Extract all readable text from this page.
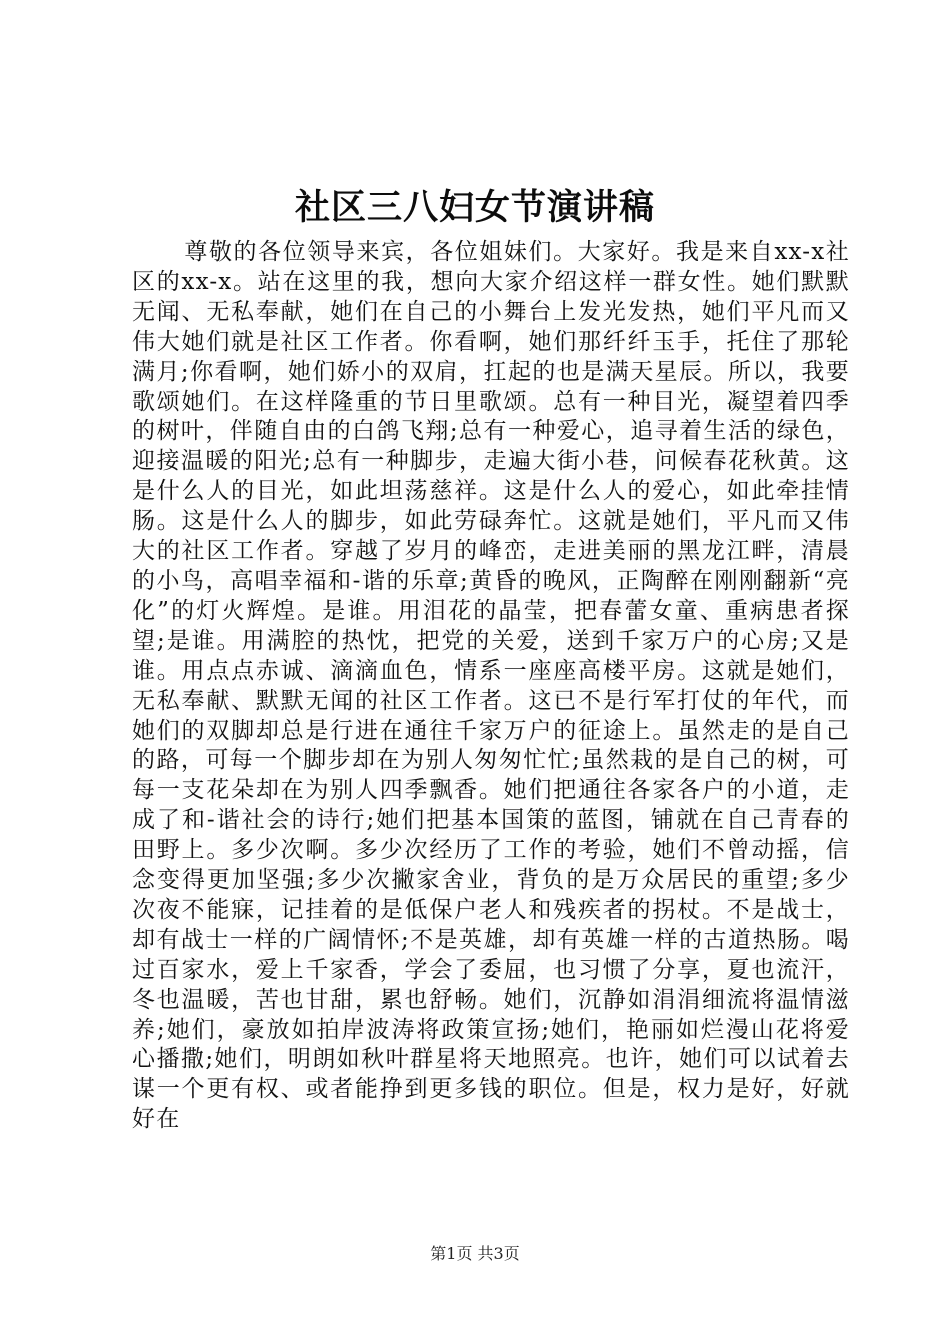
社区三八妇女节演讲稿

尊敬的各位领导来宾，各位姐妹们。大家好。我是来自xx-x社区的xx-x。站在这里的我，想向大家介绍这样一群女性。她们默默无闻、无私奉献，她们在自己的小舞台上发光发热，她们平凡而又伟大她们就是社区工作者。你看啊，她们那纤纤玉手，托住了那轮满月;你看啊，她们娇小的双肩，扛起的也是满天星辰。所以，我要歌颂她们。在这样隆重的节日里歌颂。总有一种目光，凝望着四季的树叶，伴随自由的白鸽飞翔;总有一种爱心，追寻着生活的绿色，迎接温暖的阳光;总有一种脚步，走遍大街小巷，问候春花秋黄。这是什么人的目光，如此坦荡慈祥。这是什么人的爱心，如此牵挂情肠。这是什么人的脚步，如此劳碌奔忙。这就是她们，平凡而又伟大的社区工作者。穿越了岁月的峰峦，走进美丽的黑龙江畔，清晨的小鸟，高唱幸福和-谐的乐章;黄昏的晚风，正陶醉在刚刚翻新“亮化”的灯火辉煌。是谁。用泪花的晶莹，把春蕾女童、重病患者探望;是谁。用满腔的热忱，把党的关爱，送到千家万户的心房;又是谁。用点点赤诚、滴滴血色，情系一座座高楼平房。这就是她们，无私奉献、默默无闻的社区工作者。这已不是行军打仗的年代，而她们的双脚却总是行进在通往千家万户的征途上。虽然走的是自己的路，可每一个脚步却在为别人匆匆忙忙;虽然栽的是自己的树，可每一支花朵却在为别人四季飘香。她们把通往各家各户的小道，走成了和-谐社会的诗行;她们把基本国策的蓝图，铺就在自己青春的田野上。多少次啊。多少次经历了工作的考验，她们不曾动摇，信念变得更加坚强;多少次撇家舍业，背负的是万众居民的重望;多少次夜不能寐，记挂着的是低保户老人和残疾者的拐杖。不是战士，却有战士一样的广阔情怀;不是英雄，却有英雄一样的古道热肠。喝过百家水，爱上千家香，学会了委屈，也习惯了分享，夏也流汗，冬也温暖，苦也甘甜，累也舒畅。她们，沉静如涓涓细流将温情滋养;她们，豪放如拍岸波涛将政策宣扬;她们，艳丽如烂漫山花将爱心播撒;她们，明朗如秋叶群星将天地照亮。也许，她们可以试着去谋一个更有权、或者能挣到更多钱的职位。但是，权力是好，好就好在

第1页 共3页
